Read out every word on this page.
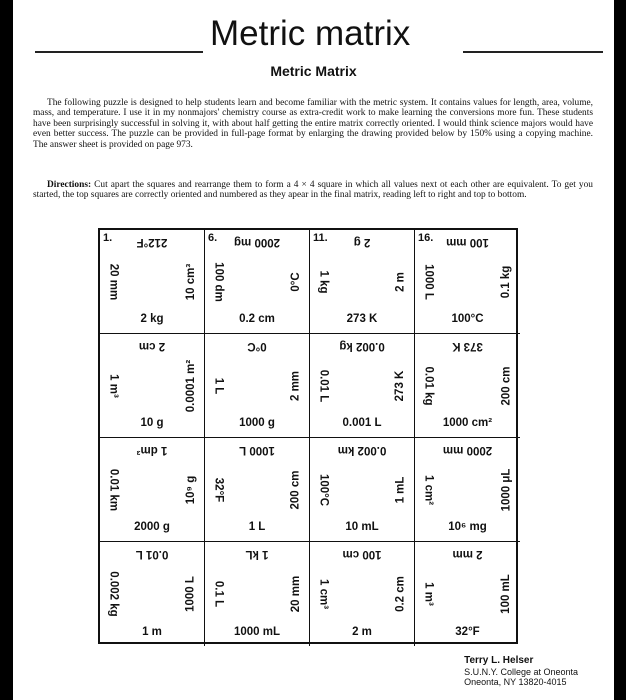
Metric matrix
Metric Matrix
The following puzzle is designed to help students learn and become familiar with the metric system. It contains values for length, area, volume, mass, and temperature. I use it in my nonmajors' chemistry course as extra-credit work to make learning the conversions more fun. These students have been surprisingly successful in solving it, with about half getting the entire matrix correctly oriented. I would think science majors would have even better success. The puzzle can be provided in full-page format by enlarging the drawing provided below by 150% using a copying machine. The answer sheet is provided on page 973.
Directions: Cut apart the squares and rearrange them to form a 4 × 4 square in which all values next ot each other are equivalent. To get you started, the top squares are correctly oriented and numbered as they apear in the final matrix, reading left to right and top to bottom.
212°F
2 kg
20 mm	10 cm³
1.	2000 mg
0.2 cm
100 dm	0°C
6.	2 g
273 K
1 kg	2 m
11.	100 mm
100°C
1000 L	0.1 kg
16.
2 cm
10 g
1 m³	0.0001 m²
0°C
1000 g
1 L	2 mm
0.002 kg
0.001 L
0.01 L	273 K
373 K
1000 cm²
0.01 kg	200 cm
1 dm³
2000 g
0.01 km	10⁹ g
1000 L
1 L
32°F	200 cm
0.002 km
10 mL
100°C	1 mL
2000 mm
10⁶ mg
1 cm²	1000 μL
0.01 L
1 m
0.002 kg	1000 L
1 kL
1000 mL
0.1 L	20 mm
100 cm
2 m
1 cm³	0.2 cm
2 mm
32°F
1 m³	100 mL
Terry L. Helser
S.U.N.Y. College at Oneonta
Oneonta, NY 13820-4015
